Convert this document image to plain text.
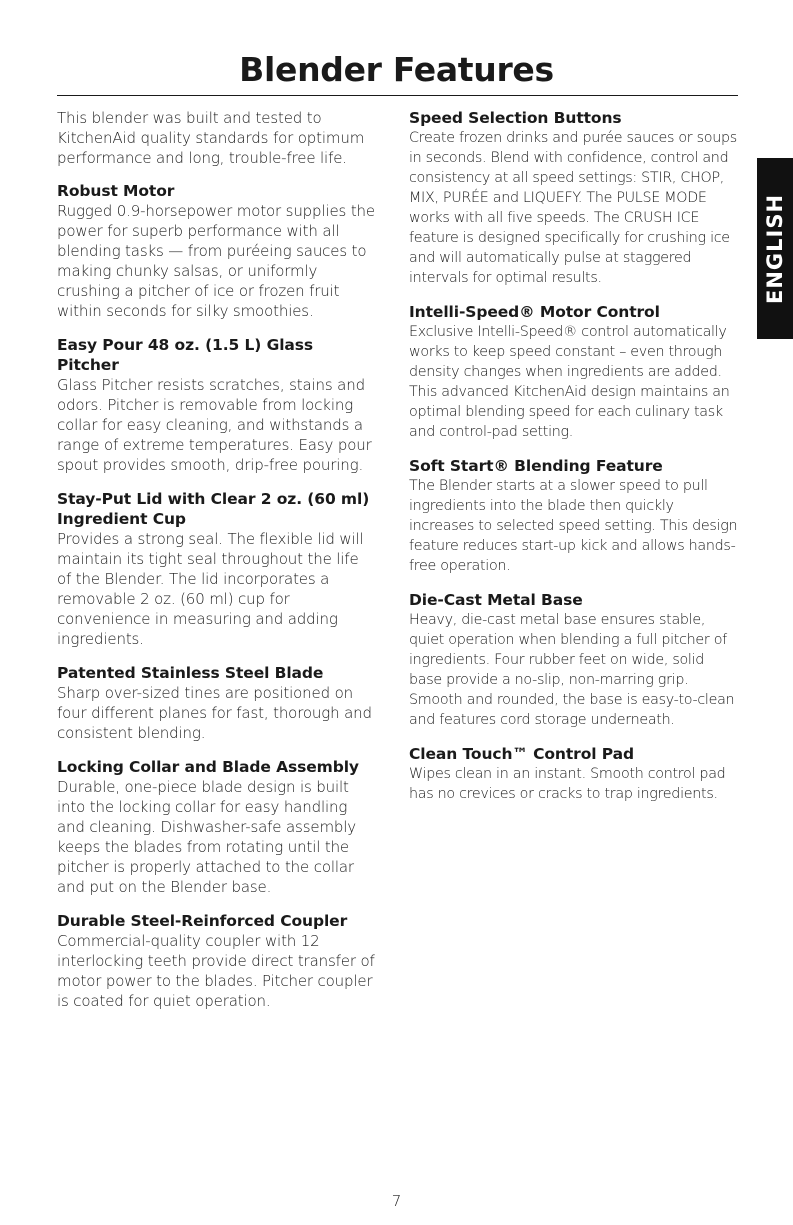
Blender Features

This blender was built and tested to KitchenAid quality standards for optimum performance and long, trouble-free life.

Robust Motor

Rugged 0.9-horsepower motor supplies the power for superb performance with all blending tasks — from puréeing sauces to making chunky salsas, or uniformly crushing a pitcher of ice or frozen fruit within seconds for silky smoothies.

Easy Pour 48 oz. (1.5 L) Glass Pitcher

Glass Pitcher resists scratches, stains and odors. Pitcher is removable from locking collar for easy cleaning, and withstands a range of extreme temperatures. Easy pour spout provides smooth, drip-free pouring.

Stay-Put Lid with Clear 2 oz. (60 ml) Ingredient Cup

Provides a strong seal. The flexible lid will maintain its tight seal throughout the life of the Blender. The lid incorporates a removable 2 oz. (60 ml) cup for convenience in measuring and adding ingredients.

Patented Stainless Steel Blade

Sharp over-sized tines are positioned on four different planes for fast, thorough and consistent blending.

Locking Collar and Blade Assembly

Durable, one-piece blade design is built into the locking collar for easy handling and cleaning. Dishwasher-safe assembly keeps the blades from rotating until the pitcher is properly attached to the collar and put on the Blender base.

Durable Steel-Reinforced Coupler

Commercial-quality coupler with 12 interlocking teeth provide direct transfer of motor power to the blades. Pitcher coupler is coated for quiet operation.

Speed Selection Buttons

Create frozen drinks and purée sauces or soups in seconds. Blend with confidence, control and consistency at all speed settings: STIR, CHOP, MIX, PURÉE and LIQUEFY. The PULSE MODE works with all five speeds. The CRUSH ICE feature is designed specifically for crushing ice and will automatically pulse at staggered intervals for optimal results.

Intelli-Speed® Motor Control

Exclusive Intelli-Speed® control automatically works to keep speed constant – even through density changes when ingredients are added. This advanced KitchenAid design maintains an optimal blending speed for each culinary task and control-pad setting.

Soft Start® Blending Feature

The Blender starts at a slower speed to pull ingredients into the blade then quickly increases to selected speed setting. This design feature reduces start-up kick and allows hands-free operation.

Die-Cast Metal Base

Heavy, die-cast metal base ensures stable, quiet operation when blending a full pitcher of ingredients. Four rubber feet on wide, solid base provide a no-slip, non-marring grip. Smooth and rounded, the base is easy-to-clean and features cord storage underneath.

Clean Touch™ Control Pad

Wipes clean in an instant. Smooth control pad has no crevices or cracks to trap ingredients.

ENGLISH
7
